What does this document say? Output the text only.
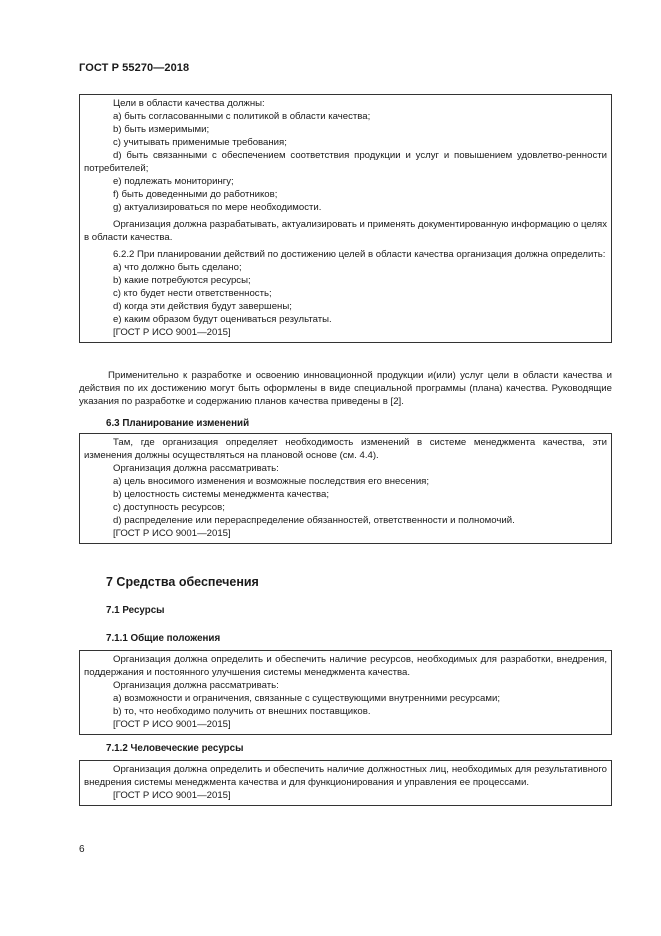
ГОСТ Р 55270—2018

Цели в области качества должны:

a) быть согласованными с политикой в области качества;

b) быть измеримыми;

c) учитывать применимые требования;

d) быть связанными с обеспечением соответствия продукции и услуг и повышением удовлетво-ренности потребителей;

e) подлежать мониторингу;

f) быть доведенными до работников;

g) актуализироваться по мере необходимости.

Организация должна разрабатывать, актуализировать и применять документированную информацию о целях в области качества.

6.2.2 При планировании действий по достижению целей в области качества организация должна определить:

a) что должно быть сделано;

b) какие потребуются ресурсы;

c) кто будет нести ответственность;

d) когда эти действия будут завершены;

e) каким образом будут оцениваться результаты.

[ГОСТ Р ИСО 9001—2015]

Применительно к разработке и освоению инновационной продукции и(или) услуг цели в области качества и действия по их достижению могут быть оформлены в виде специальной программы (плана) качества. Руководящие указания по разработке и содержанию планов качества приведены в [2].

6.3 Планирование изменений

Там, где организация определяет необходимость изменений в системе менеджмента качества, эти изменения должны осуществляться на плановой основе (см. 4.4).

Организация должна рассматривать:

a) цель вносимого изменения и возможные последствия его внесения;

b) целостность системы менеджмента качества;

c) доступность ресурсов;

d) распределение или перераспределение обязанностей, ответственности и полномочий.

[ГОСТ Р ИСО 9001—2015]

7 Средства обеспечения
7.1 Ресурсы
7.1.1 Общие положения

Организация должна определить и обеспечить наличие ресурсов, необходимых для разработки, внедрения, поддержания и постоянного улучшения системы менеджмента качества.

Организация должна рассматривать:

a) возможности и ограничения, связанные с существующими внутренними ресурсами;

b) то, что необходимо получить от внешних поставщиков.

[ГОСТ Р ИСО 9001—2015]

7.1.2 Человеческие ресурсы

Организация должна определить и обеспечить наличие должностных лиц, необходимых для результативного внедрения системы менеджмента качества и для функционирования и управления ее процессами.

[ГОСТ Р ИСО 9001—2015]

6
